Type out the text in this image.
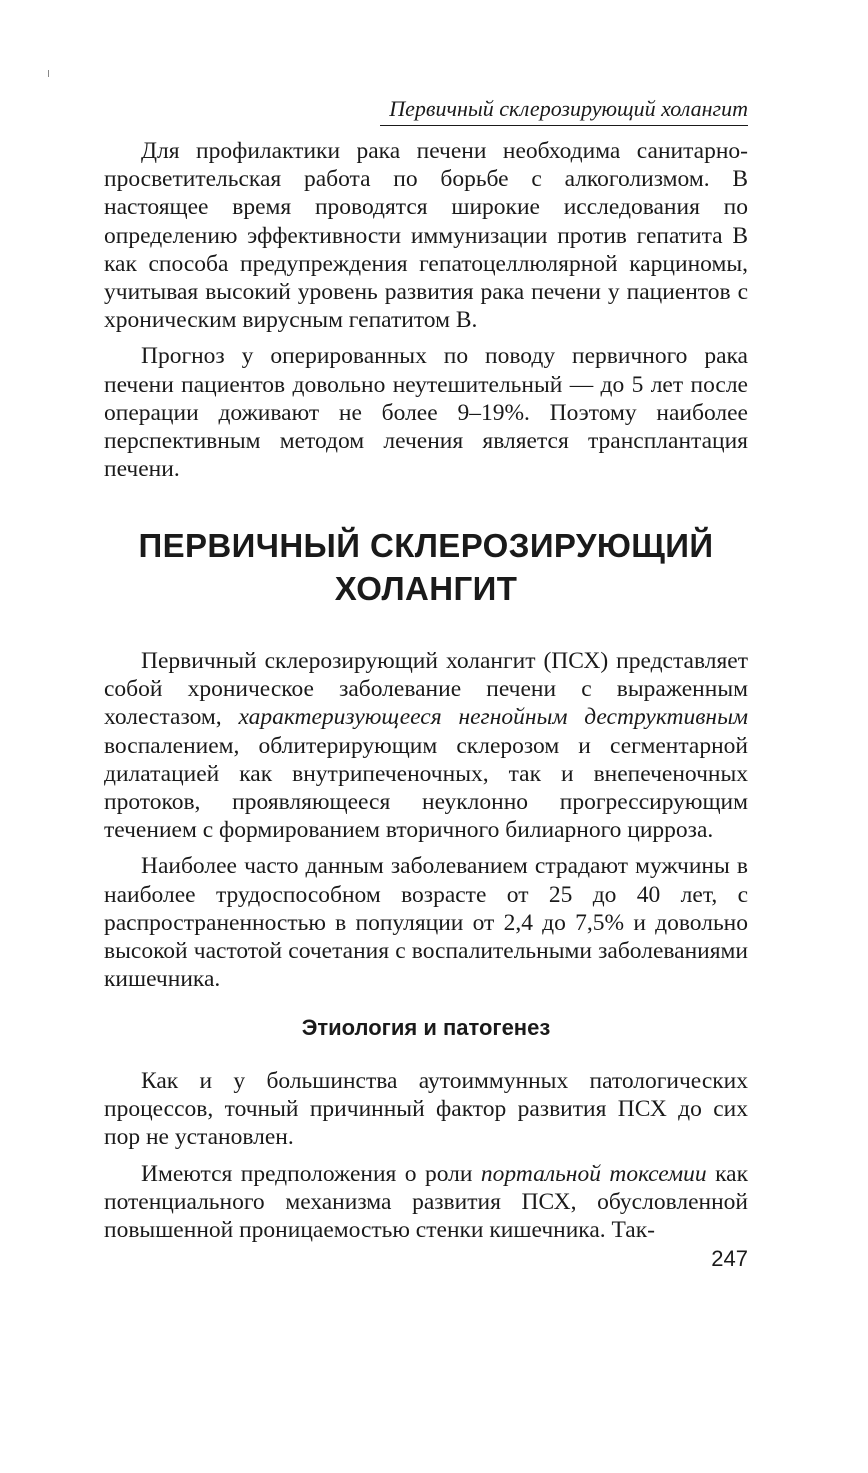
Первичный склерозирующий холангит

Для профилактики рака печени необходима санитарно-просветительская работа по борьбе с алкоголизмом. В настоящее время проводятся широкие исследования по определению эффективности иммунизации против гепатита В как способа предупреждения гепатоцеллюлярной карциномы, учитывая высокий уровень развития рака печени у пациентов с хроническим вирусным гепатитом В.

Прогноз у оперированных по поводу первичного рака печени пациентов довольно неутешительный — до 5 лет после операции доживают не более 9–19%. Поэтому наиболее перспективным методом лечения является трансплантация печени.

ПЕРВИЧНЫЙ СКЛЕРОЗИРУЮЩИЙ
ХОЛАНГИТ

Первичный склерозирующий холангит (ПСХ) представляет собой хроническое заболевание печени с выраженным холестазом, характеризующееся негнойным деструктивным воспалением, облитерирующим склерозом и сегментарной дилатацией как внутрипеченочных, так и внепеченочных протоков, проявляющееся неуклонно прогрессирующим течением с формированием вторичного билиарного цирроза.

Наиболее часто данным заболеванием страдают мужчины в наиболее трудоспособном возрасте от 25 до 40 лет, с распространенностью в популяции от 2,4 до 7,5% и довольно высокой частотой сочетания с воспалительными заболеваниями кишечника.

Этиология и патогенез

Как и у большинства аутоиммунных патологических процессов, точный причинный фактор развития ПСХ до сих пор не установлен.

Имеются предположения о роли портальной токсемии как потенциального механизма развития ПСХ, обусловленной повышенной проницаемостью стенки кишечника. Так-

247
